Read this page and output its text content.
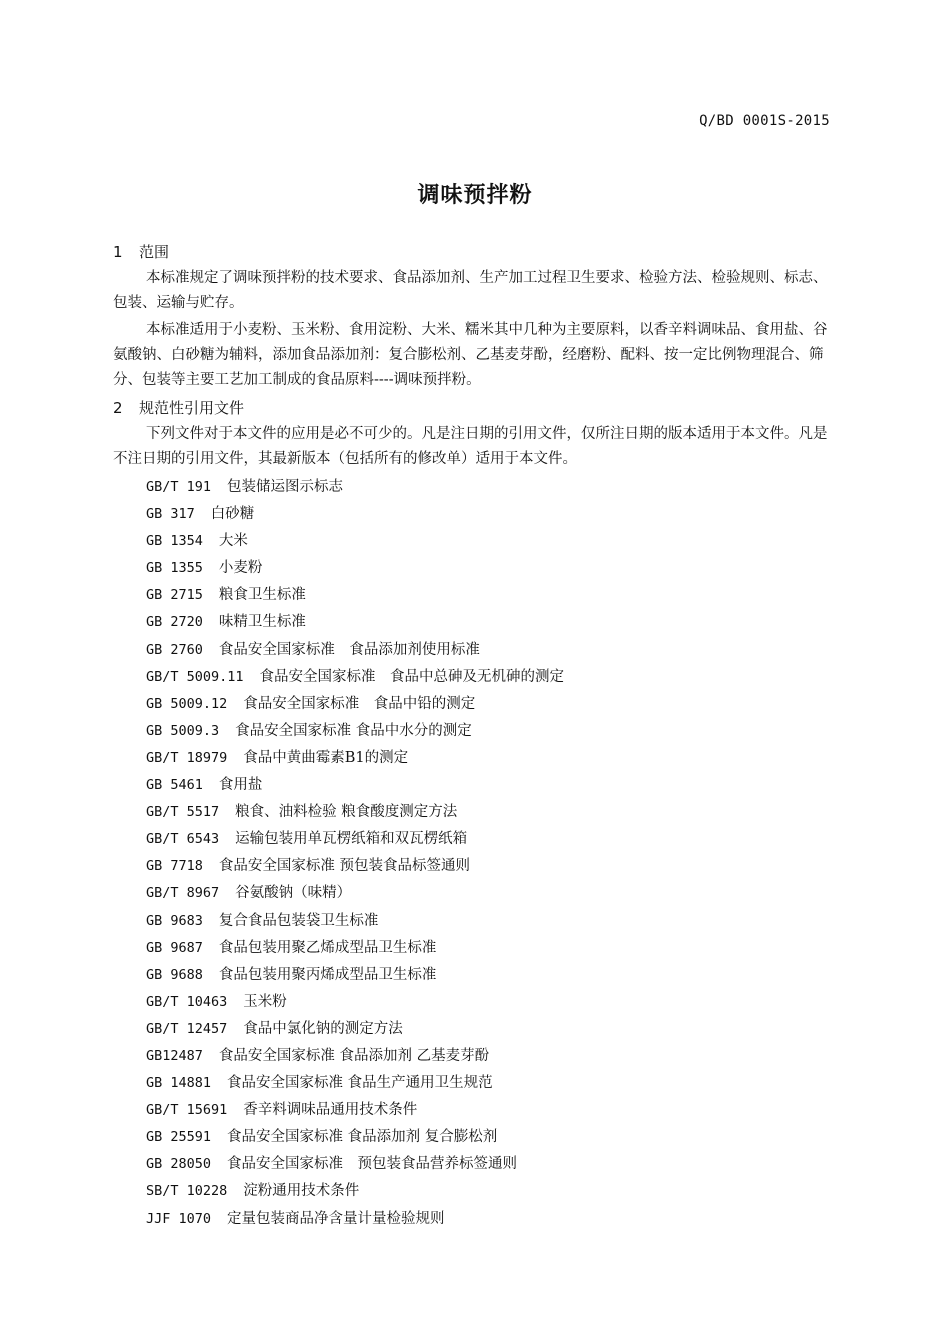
Q/BD 0001S-2015
调味预拌粉
1 范围
本标准规定了调味预拌粉的技术要求、食品添加剂、生产加工过程卫生要求、检验方法、检验规则、标志、包装、运输与贮存。
本标准适用于小麦粉、玉米粉、食用淀粉、大米、糯米其中几种为主要原料，以香辛料调味品、食用盐、谷氨酸钠、白砂糖为辅料，添加食品添加剂：复合膨松剂、乙基麦芽酚，经磨粉、配料、按一定比例物理混合、筛分、包装等主要工艺加工制成的食品原料----调味预拌粉。
2 规范性引用文件
下列文件对于本文件的应用是必不可少的。凡是注日期的引用文件，仅所注日期的版本适用于本文件。凡是不注日期的引用文件，其最新版本（包括所有的修改单）适用于本文件。
GB/T 191 包装储运图示标志
GB 317 白砂糖
GB 1354 大米
GB 1355 小麦粉
GB 2715 粮食卫生标准
GB 2720 味精卫生标准
GB 2760 食品安全国家标准　食品添加剂使用标准
GB/T 5009.11 食品安全国家标准　食品中总砷及无机砷的测定
GB 5009.12 食品安全国家标准　食品中铅的测定
GB 5009.3 食品安全国家标准 食品中水分的测定
GB/T 18979 食品中黄曲霉素B1的测定
GB 5461 食用盐
GB/T 5517 粮食、油料检验 粮食酸度测定方法
GB/T 6543 运输包装用单瓦楞纸箱和双瓦楞纸箱
GB 7718 食品安全国家标准 预包装食品标签通则
GB/T 8967 谷氨酸钠（味精）
GB 9683 复合食品包装袋卫生标准
GB 9687 食品包装用聚乙烯成型品卫生标准
GB 9688 食品包装用聚丙烯成型品卫生标准
GB/T 10463 玉米粉
GB/T 12457 食品中氯化钠的测定方法
GB12487 食品安全国家标准 食品添加剂 乙基麦芽酚
GB 14881 食品安全国家标准 食品生产通用卫生规范
GB/T 15691 香辛料调味品通用技术条件
GB 25591 食品安全国家标准 食品添加剂 复合膨松剂
GB 28050 食品安全国家标准　预包装食品营养标签通则
SB/T 10228 淀粉通用技术条件
JJF 1070 定量包装商品净含量计量检验规则
